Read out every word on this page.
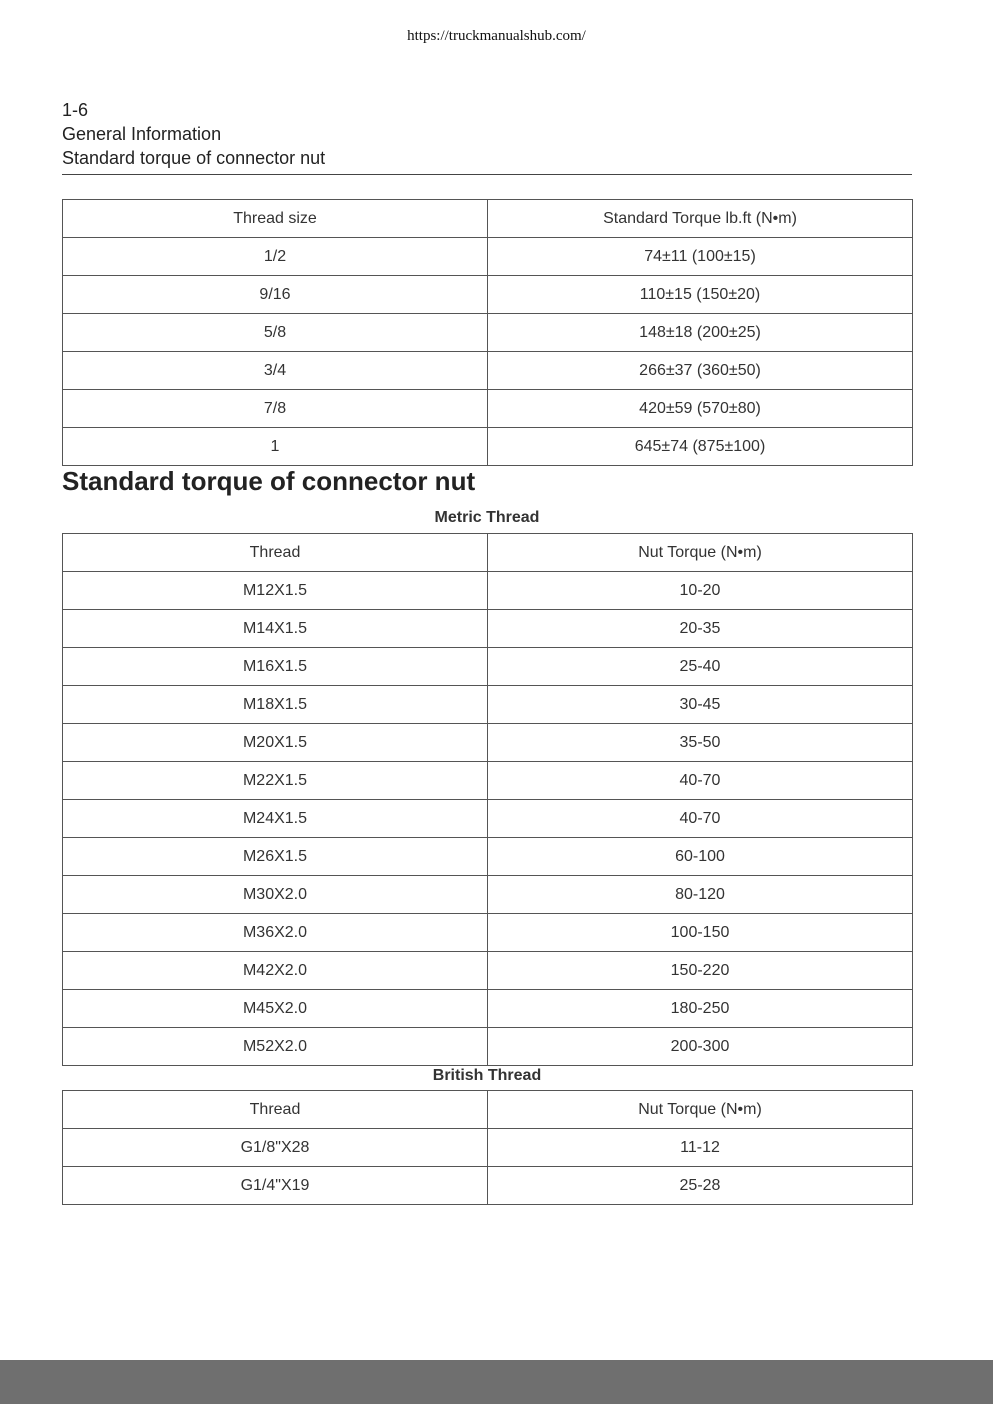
https://truckmanualshub.com/
1-6
General Information
Standard torque of connector nut
Thread size	Standard Torque lb.ft (N•m)
1/2	74±11 (100±15)
9/16	110±15 (150±20)
5/8	148±18 (200±25)
3/4	266±37 (360±50)
7/8	420±59 (570±80)
1	645±74 (875±100)
Standard torque of connector nut
Metric Thread
Thread	Nut Torque (N•m)
M12X1.5	10-20
M14X1.5	20-35
M16X1.5	25-40
M18X1.5	30-45
M20X1.5	35-50
M22X1.5	40-70
M24X1.5	40-70
M26X1.5	60-100
M30X2.0	80-120
M36X2.0	100-150
M42X2.0	150-220
M45X2.0	180-250
M52X2.0	200-300
British Thread
Thread	Nut Torque (N•m)
G1/8"X28	11-12
G1/4"X19	25-28
